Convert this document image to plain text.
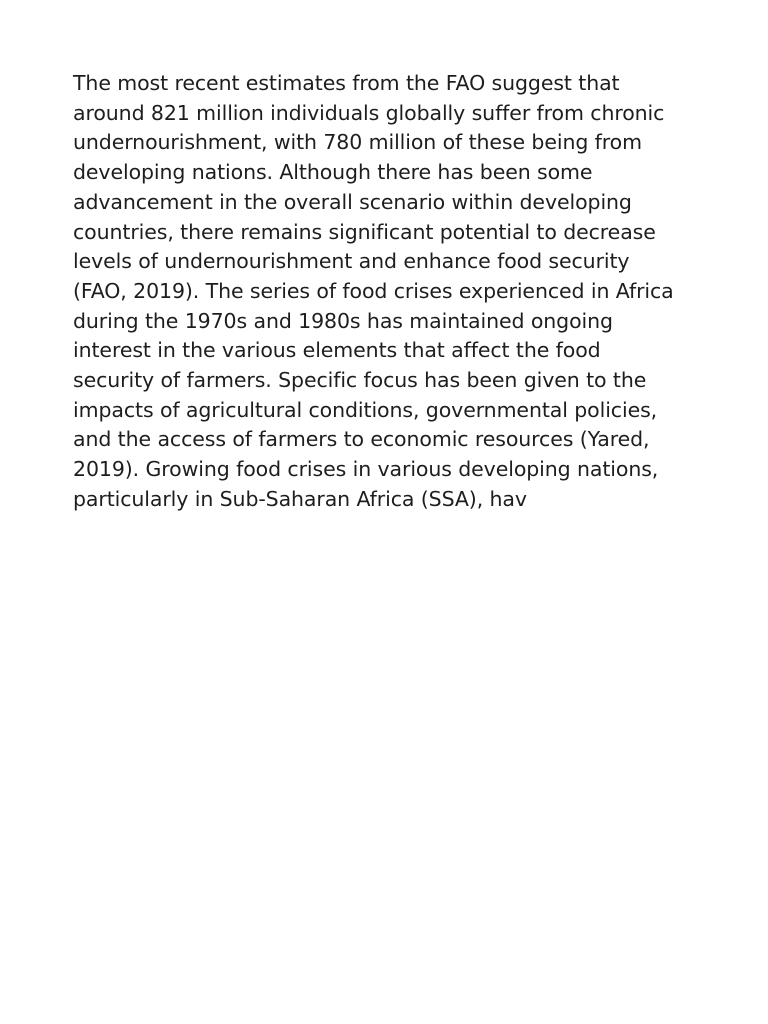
The most recent estimates from the FAO suggest that
around 821 million individuals globally suffer from chronic
undernourishment, with 780 million of these being from
developing nations. Although there has been some
advancement in the overall scenario within developing
countries, there remains significant potential to decrease
levels of undernourishment and enhance food security
(FAO, 2019). The series of food crises experienced in Africa
during the 1970s and 1980s has maintained ongoing
interest in the various elements that affect the food
security of farmers. Specific focus has been given to the
impacts of agricultural conditions, governmental policies,
and the access of farmers to economic resources (Yared,
2019). Growing food crises in various developing nations,
particularly in Sub-Saharan Africa (SSA), hav
